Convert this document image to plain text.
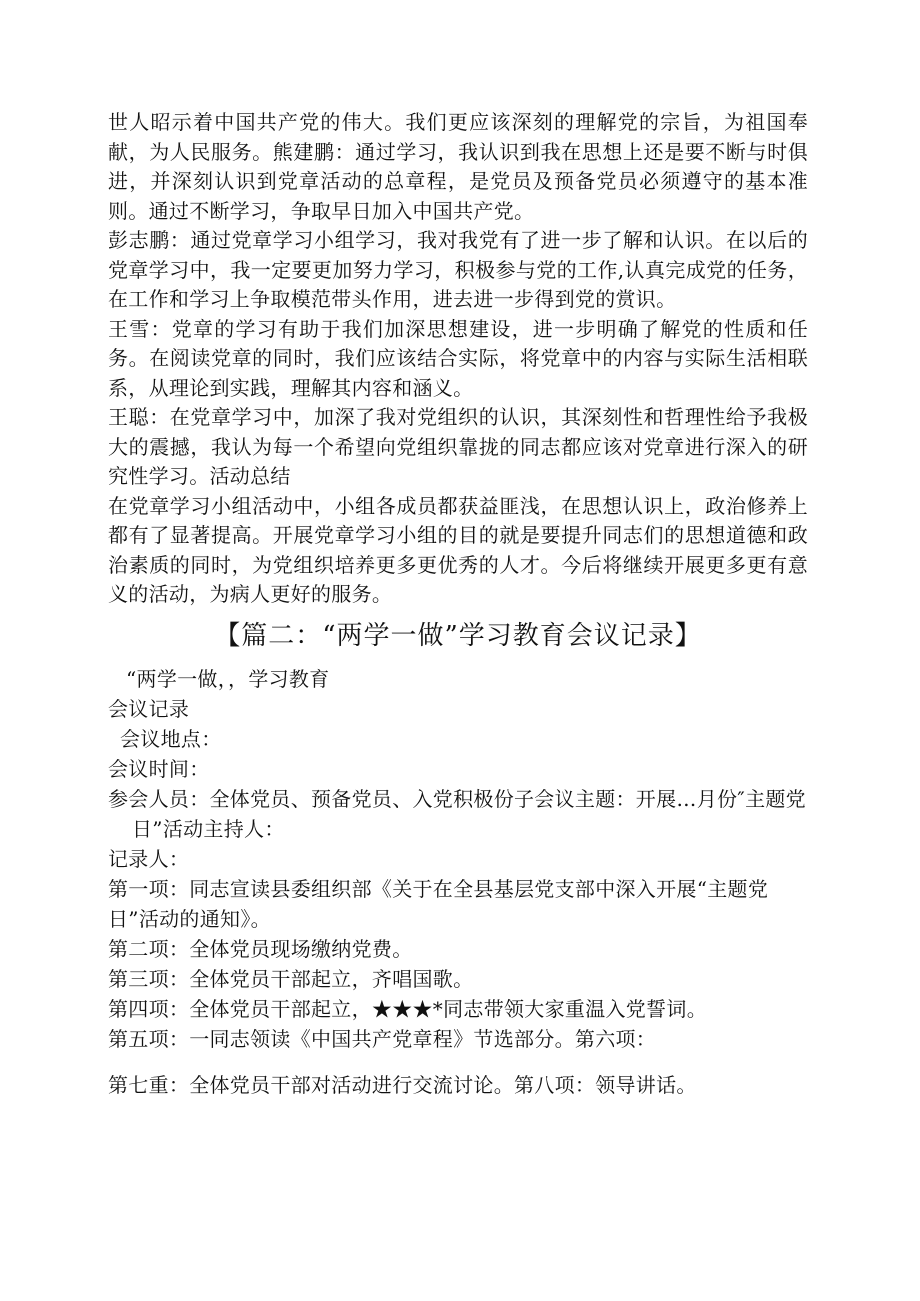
世人昭示着中国共产党的伟大。我们更应该深刻的理解党的宗旨，为祖国奉献，为人民服务。熊建鹏：通过学习，我认识到我在思想上还是要不断与时俱进，并深刻认识到党章活动的总章程，是党员及预备党员必须遵守的基本准则。通过不断学习，争取早日加入中国共产党。

彭志鹏：通过党章学习小组学习，我对我党有了进一步了解和认识。在以后的党章学习中，我一定要更加努力学习，积极参与党的工作,认真完成党的任务，在工作和学习上争取模范带头作用，进去进一步得到党的赏识。

王雪：党章的学习有助于我们加深思想建设，进一步明确了解党的性质和任务。在阅读党章的同时，我们应该结合实际，将党章中的内容与实际生活相联系，从理论到实践，理解其内容和涵义。

王聪：在党章学习中，加深了我对党组织的认识，其深刻性和哲理性给予我极大的震撼，我认为每一个希望向党组织靠拢的同志都应该对党章进行深入的研究性学习。活动总结

在党章学习小组活动中，小组各成员都获益匪浅，在思想认识上，政治修养上都有了显著提高。开展党章学习小组的目的就是要提升同志们的思想道德和政治素质的同时，为党组织培养更多更优秀的人才。今后将继续开展更多更有意义的活动，为病人更好的服务。

【篇二：“两学一做”学习教育会议记录】

“两学一做，，学习教育

会议记录

会议地点：

会议时间：

参会人员：全体党员、预备党员、入党积极份子会议主题：开展…月份″主题党日”活动主持人：

记录人：

第一项：同志宣读县委组织部《关于在全县基层党支部中深入开展“主题党日”活动的通知》。

第二项：全体党员现场缴纳党费。

第三项：全体党员干部起立，齐唱国歌。

第四项：全体党员干部起立，★★★*同志带领大家重温入党誓词。

第五项：一同志领读《中国共产党章程》节选部分。第六项：

第七重：全体党员干部对活动进行交流讨论。第八项：领导讲话。
